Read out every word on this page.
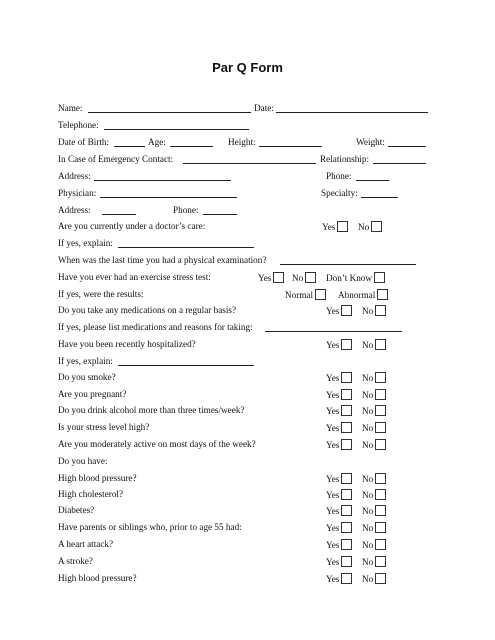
Par Q Form
Name:	Date:
Telephone:
Date of Birth:	Age:	Height:	Weight:
In Case of Emergency Contact:	Relationship:
Address:	Phone:
Physician:	Specialty:
Address:	Phone:
Are you currently under a doctor’s care:	Yes	No
If yes, explain:
When was the last time you had a physical examination?
Have you ever had an exercise stress test:	Yes	No	Don’t Know
If yes, were the results:	Normal	Abnormal
Do you take any medications on a regular basis?	Yes	No
If yes, please list medications and reasons for taking:
Have you been recently hospitalized?	Yes	No
If yes, explain:
Do you smoke?	Yes	No
Are you pregnant?	Yes	No
Do you drink alcohol more than three times/week?	Yes	No
Is your stress level high?	Yes	No
Are you moderately active on most days of the week?	Yes	No
Do you have:
High blood pressure?	Yes	No
High cholesterol?	Yes	No
Diabetes?	Yes	No
Have parents or siblings who, prior to age 55 had:	Yes	No
A heart attack?	Yes	No
A stroke?	Yes	No
High blood pressure?	Yes	No
